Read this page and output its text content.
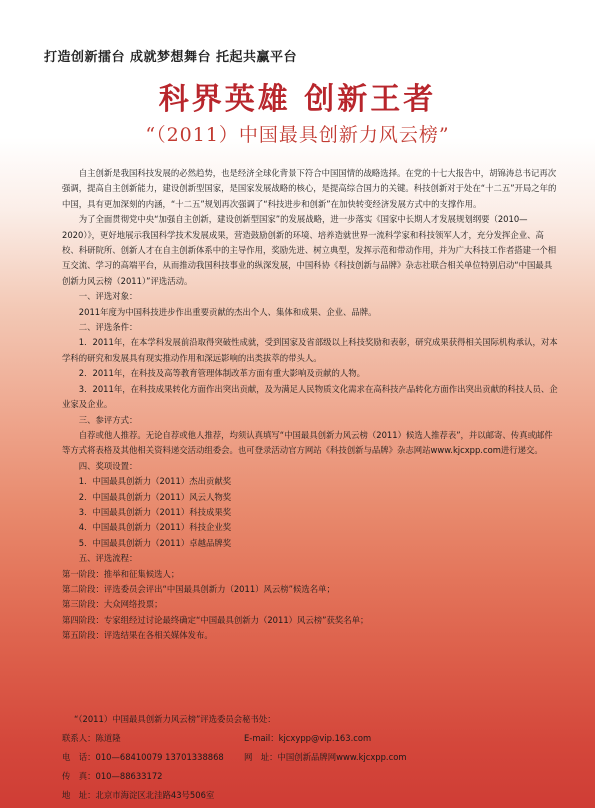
打造创新擂台 成就梦想舞台 托起共赢平台
科界英雄 创新王者
“（2011）中国最具创新力风云榜”

自主创新是我国科技发展的必然趋势，也是经济全球化背景下符合中国国情的战略选择。在党的十七大报告中，胡锦涛总书记再次强调，提高自主创新能力，建设创新型国家，是国家发展战略的核心，是提高综合国力的关键。科技创新对于处在“十二五”开局之年的中国，具有更加深刻的内涵，“十二五”规划再次强调了“科技进步和创新”在加快转变经济发展方式中的支撑作用。

为了全面贯彻党中央“加强自主创新，建设创新型国家”的发展战略，进一步落实《国家中长期人才发展规划纲要（2010—2020）》，更好地展示我国科学技术发展成果，营造鼓励创新的环境、培养造就世界一流科学家和科技领军人才，充分发挥企业、高校、科研院所、创新人才在自主创新体系中的主导作用，奖励先进、树立典型，发挥示范和带动作用，并为广大科技工作者搭建一个相互交流、学习的高端平台，从而推动我国科技事业的纵深发展，中国科协《科技创新与品牌》杂志社联合相关单位特别启动“中国最具创新力风云榜（2011）”评选活动。

一、评选对象：

2011年度为中国科技进步作出重要贡献的杰出个人、集体和成果、企业、品牌。

二、评选条件：

1．2011年，在本学科发展前沿取得突破性成就，受到国家及省部级以上科技奖励和表彰，研究成果获得相关国际机构承认，对本学科的研究和发展具有现实推动作用和深远影响的出类拔萃的带头人。

2．2011年，在科技及高等教育管理体制改革方面有重大影响及贡献的人物。

3．2011年，在科技成果转化方面作出突出贡献，及为满足人民物质文化需求在高科技产品转化方面作出突出贡献的科技人员、企业家及企业。

三、参评方式：

自荐或他人推荐。无论自荐或他人推荐，均须认真填写“中国最具创新力风云榜（2011）候选人推荐表”，并以邮寄、传真或邮件等方式将表格及其他相关资料递交活动组委会。也可登录活动官方网站《科技创新与品牌》杂志网站www.kjcxpp.com进行递交。

四、奖项设置：

1．中国最具创新力（2011）杰出贡献奖

2．中国最具创新力（2011）风云人物奖

3．中国最具创新力（2011）科技成果奖

4．中国最具创新力（2011）科技企业奖

5．中国最具创新力（2011）卓越品牌奖

五、评选流程：

第一阶段：推举和征集候选人；

第二阶段：评选委员会评出“中国最具创新力（2011）风云榜”候选名单；

第三阶段：大众网络投票；

第四阶段：专家组经过讨论最终确定“中国最具创新力（2011）风云榜”获奖名单；

第五阶段：评选结果在各相关媒体发布。

“（2011）中国最具创新力风云榜”评选委员会秘书处：
联系人：陈道隆	E-mail：kjcxypp@vip.163.com
电　话：010—68410079 13701338868 网　址：中国创新品牌网www.kjcxpp.com
传　真：010—88633172
地　址：北京市海淀区北洼路43号506室
